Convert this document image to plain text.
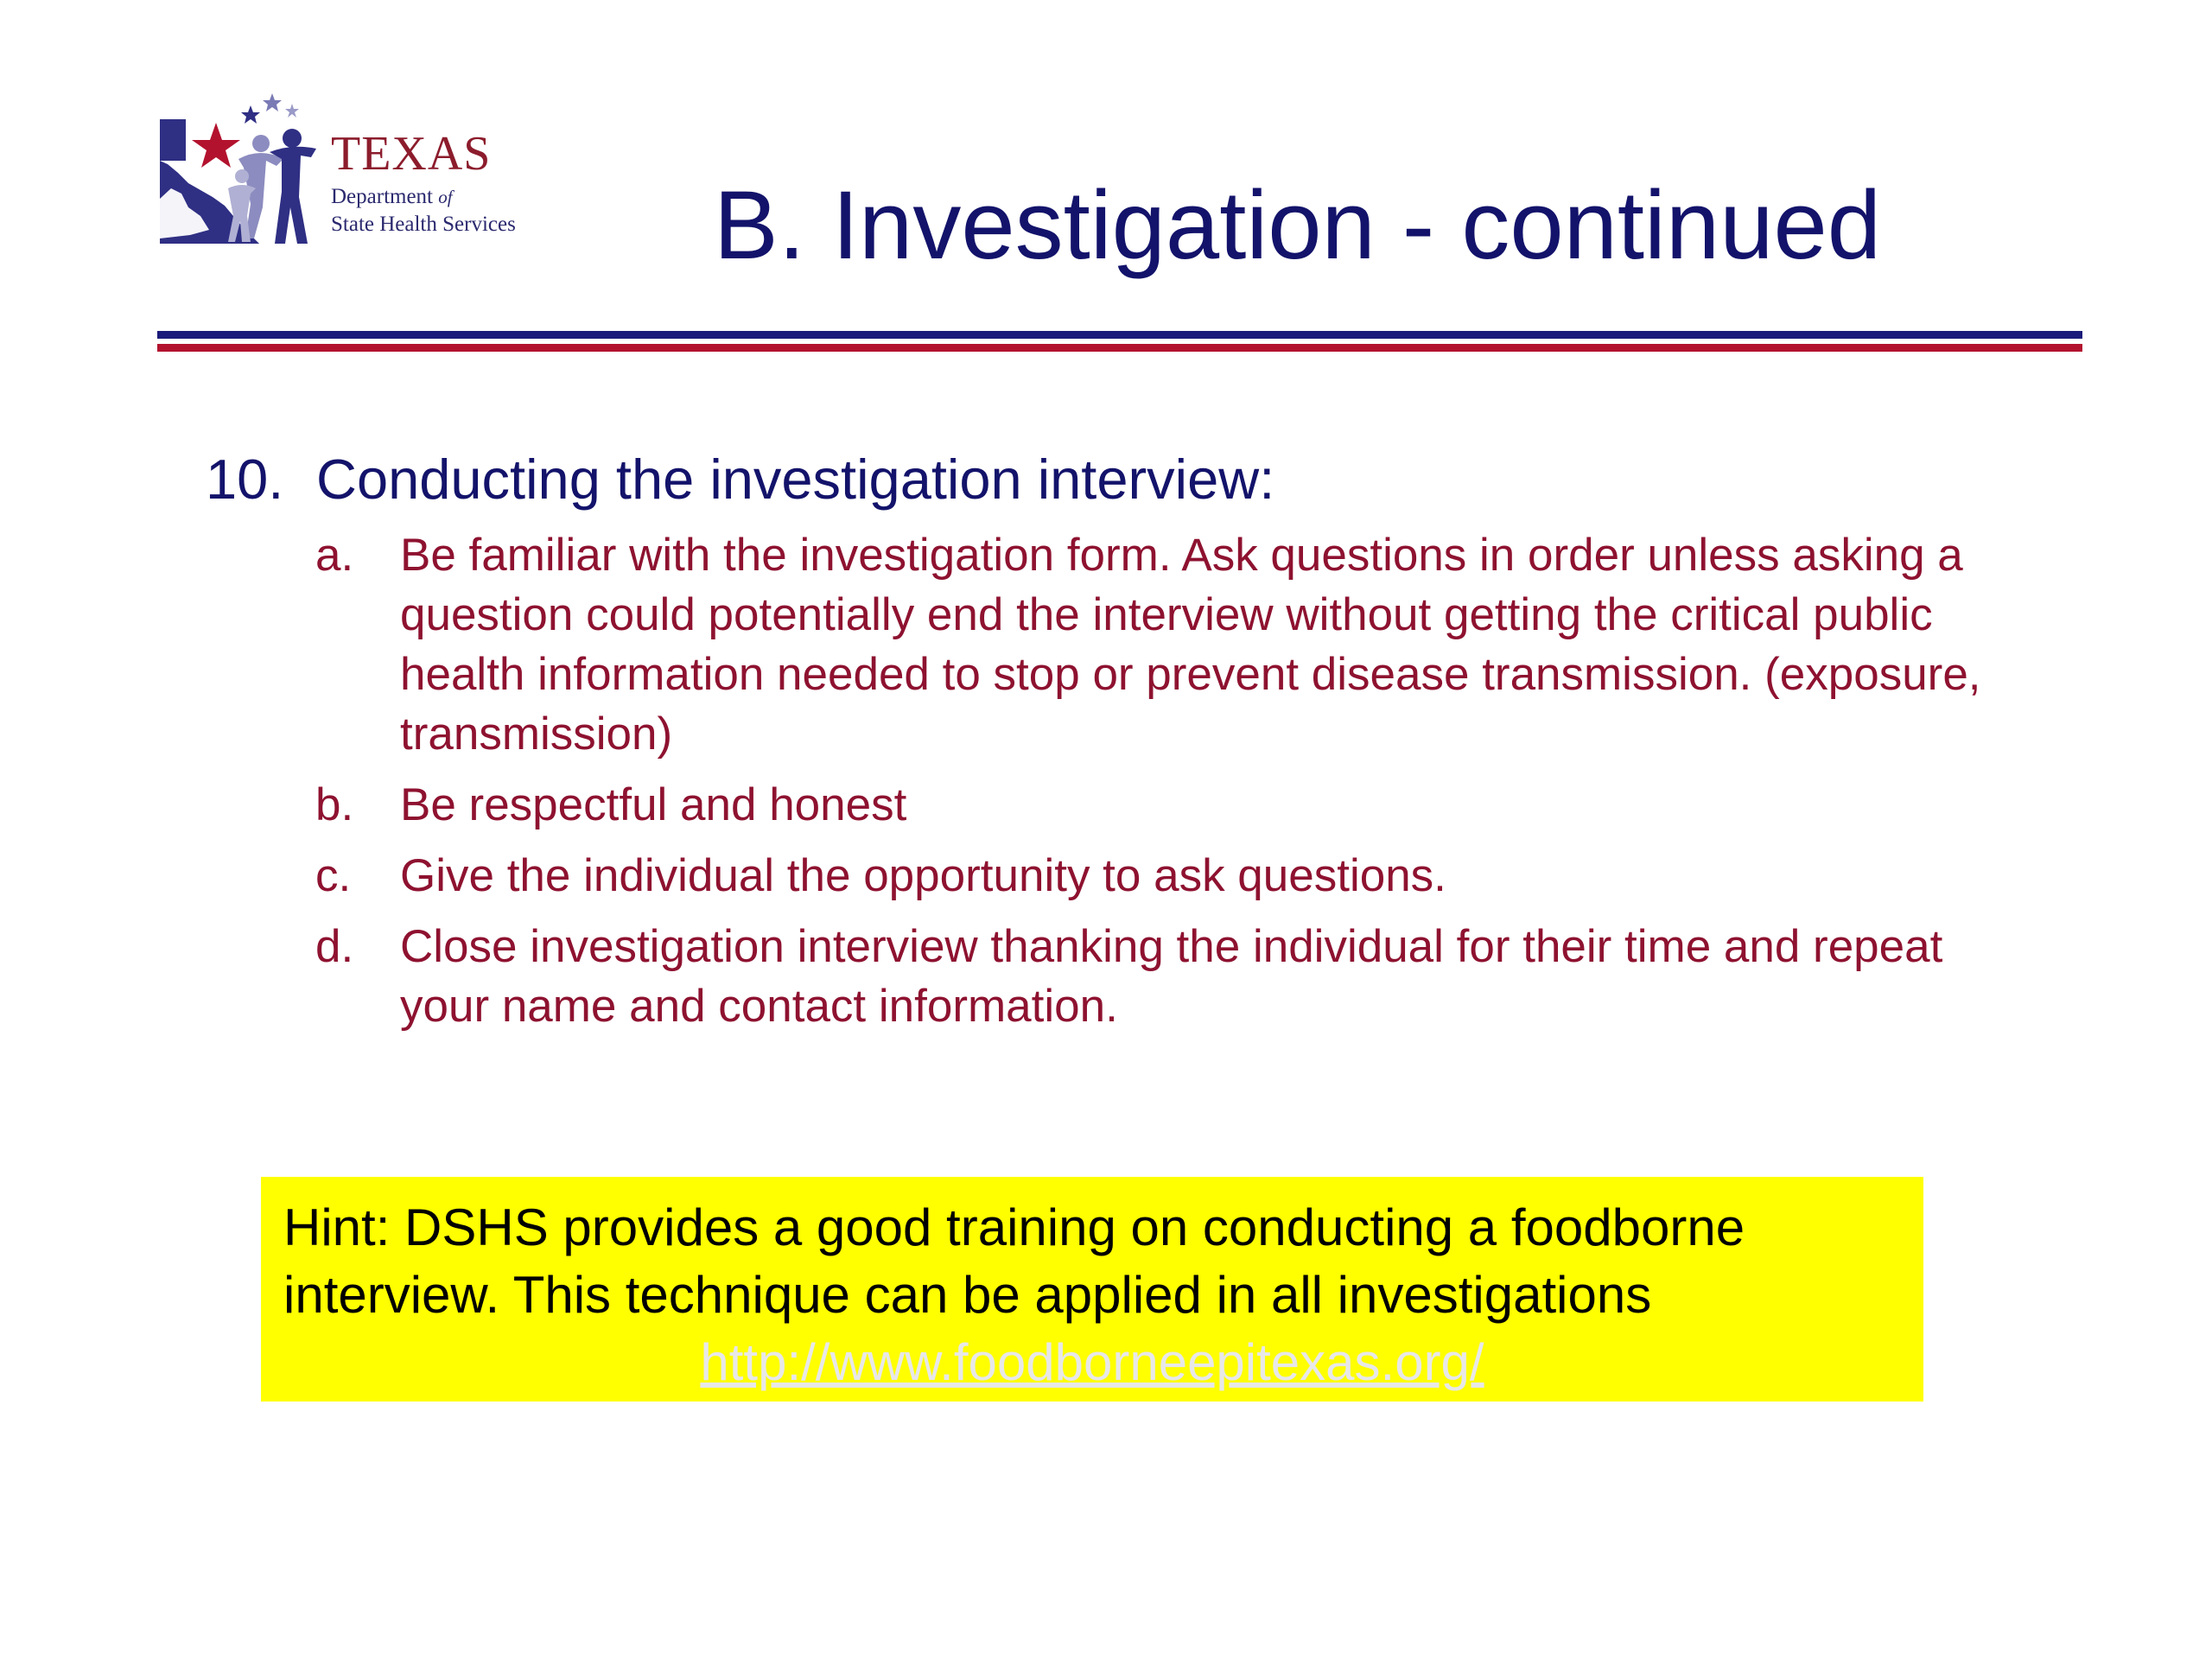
TEXAS
Department of
State Health Services	B. Investigation - continued
10. Conducting the investigation interview:
a. Be familiar with the investigation form. Ask questions in order unless asking a question could potentially end the interview without getting the critical public health information needed to stop or prevent disease transmission. (exposure, transmission)
b. Be respectful and honest
c. Give the individual the opportunity to ask questions.
d. Close investigation interview thanking the individual for their time and repeat your name and contact information.
Hint: DSHS provides a good training on conducting a foodborne interview. This technique can be applied in all investigations
http://www.foodborneepitexas.org/
